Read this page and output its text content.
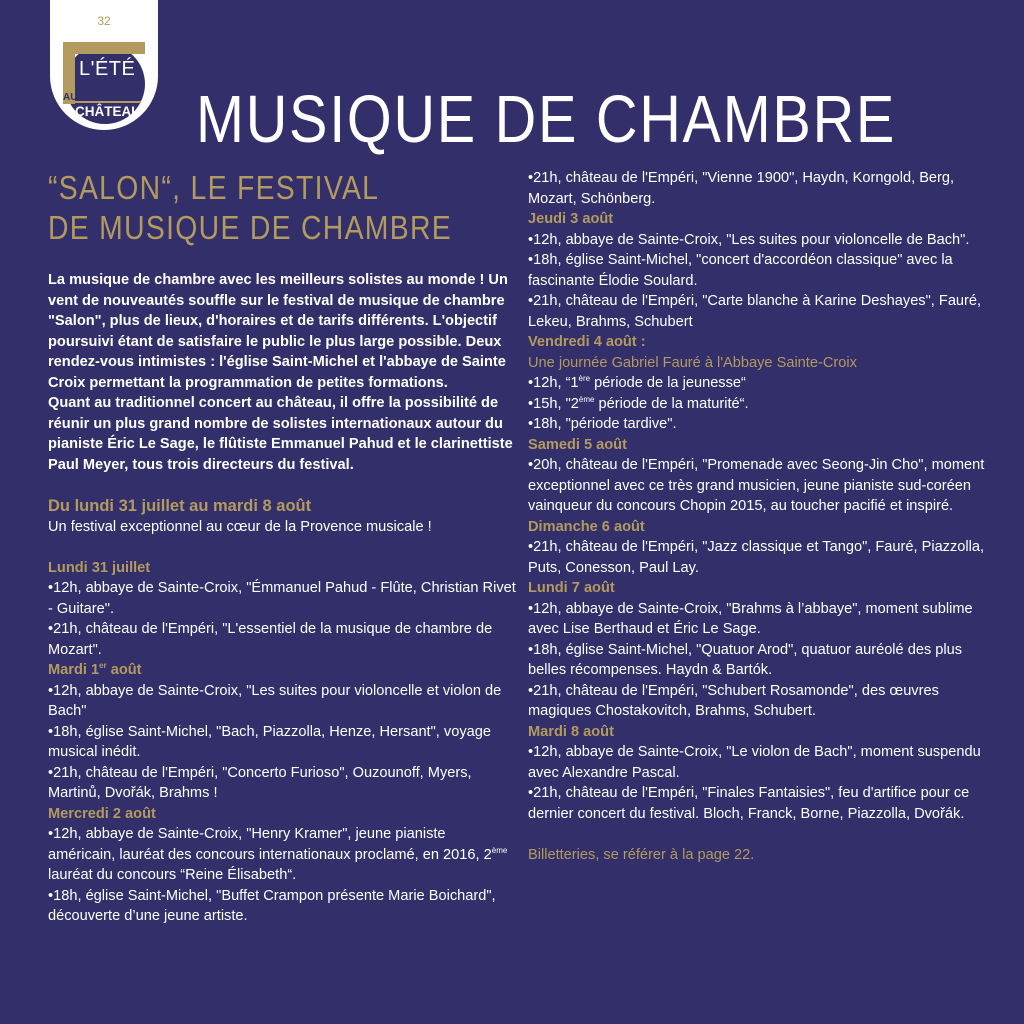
32
L'ÉTÉ
AU
CHÂTEAU MUSIQUE DE CHAMBRE
“SALON“, LE FESTIVAL
DE MUSIQUE DE CHAMBRE

La musique de chambre avec les meilleurs solistes au monde ! Un vent de nouveautés souffle sur le festival de musique de chambre "Salon", plus de lieux, d'horaires et de tarifs différents. L'objectif poursuivi étant de satisfaire le public le plus large possible. Deux rendez-vous intimistes : l'église Saint-Michel et l'abbaye de Sainte Croix permettant la programmation de petites formations.

Quant au traditionnel concert au château, il offre la possibilité de réunir un plus grand nombre de solistes internationaux autour du pianiste Éric Le Sage, le flûtiste Emmanuel Pahud et le clarinettiste Paul Meyer, tous trois directeurs du festival.

Du lundi 31 juillet au mardi 8 août
Un festival exceptionnel au cœur de la Provence musicale !
Lundi 31 juillet
•12h, abbaye de Sainte-Croix, "Émmanuel Pahud - Flûte, Christian Rivet - Guitare".
•21h, château de l'Empéri, "L'essentiel de la musique de chambre de Mozart".
Mardi 1er août
•12h, abbaye de Sainte-Croix, "Les suites pour violoncelle et violon de Bach"
•18h, église Saint-Michel, "Bach, Piazzolla, Henze, Hersant", voyage musical inédit.
•21h, château de l'Empéri, "Concerto Furioso", Ouzounoff, Myers, Martinů, Dvořák, Brahms !
Mercredi 2 août
•12h, abbaye de Sainte-Croix, "Henry Kramer", jeune pianiste américain, lauréat des concours internationaux proclamé, en 2016, 2ème lauréat du concours “Reine Élisabeth“.
•18h, église Saint-Michel, "Buffet Crampon présente Marie Boichard", découverte d’une jeune artiste.
•21h, château de l'Empéri, "Vienne 1900", Haydn, Korngold, Berg, Mozart, Schönberg.
Jeudi 3 août
•12h, abbaye de Sainte-Croix, "Les suites pour violoncelle de Bach".
•18h, église Saint-Michel, "concert d'accordéon classique" avec la fascinante Élodie Soulard.
•21h, château de l'Empéri, "Carte blanche à Karine Deshayes", Fauré, Lekeu, Brahms, Schubert
Vendredi 4 août :
Une journée Gabriel Fauré à l'Abbaye Sainte-Croix
•12h, “1ère période de la jeunesse“
•15h, "2ème période de la maturité“.
•18h, "période tardive".
Samedi 5 août
•20h, château de l'Empéri, "Promenade avec Seong-Jin Cho", moment exceptionnel avec ce très grand musicien, jeune pianiste sud-coréen vainqueur du concours Chopin 2015, au toucher pacifié et inspiré.
Dimanche 6 août
•21h, château de l'Empéri, "Jazz classique et Tango", Fauré, Piazzolla, Puts, Conesson, Paul Lay.
Lundi 7 août
•12h, abbaye de Sainte-Croix, "Brahms à l’abbaye", moment sublime avec Lise Berthaud et Éric Le Sage.
•18h, église Saint-Michel, "Quatuor Arod", quatuor auréolé des plus belles récompenses. Haydn & Bartók.
•21h, château de l'Empéri, "Schubert Rosamonde", des œuvres magiques Chostakovitch, Brahms, Schubert.
Mardi 8 août
•12h, abbaye de Sainte-Croix, "Le violon de Bach", moment suspendu avec Alexandre Pascal.
•21h, château de l'Empéri, "Finales Fantaisies", feu d'artifice pour ce dernier concert du festival. Bloch, Franck, Borne, Piazzolla, Dvořák.
Billetteries, se référer à la page 22.
